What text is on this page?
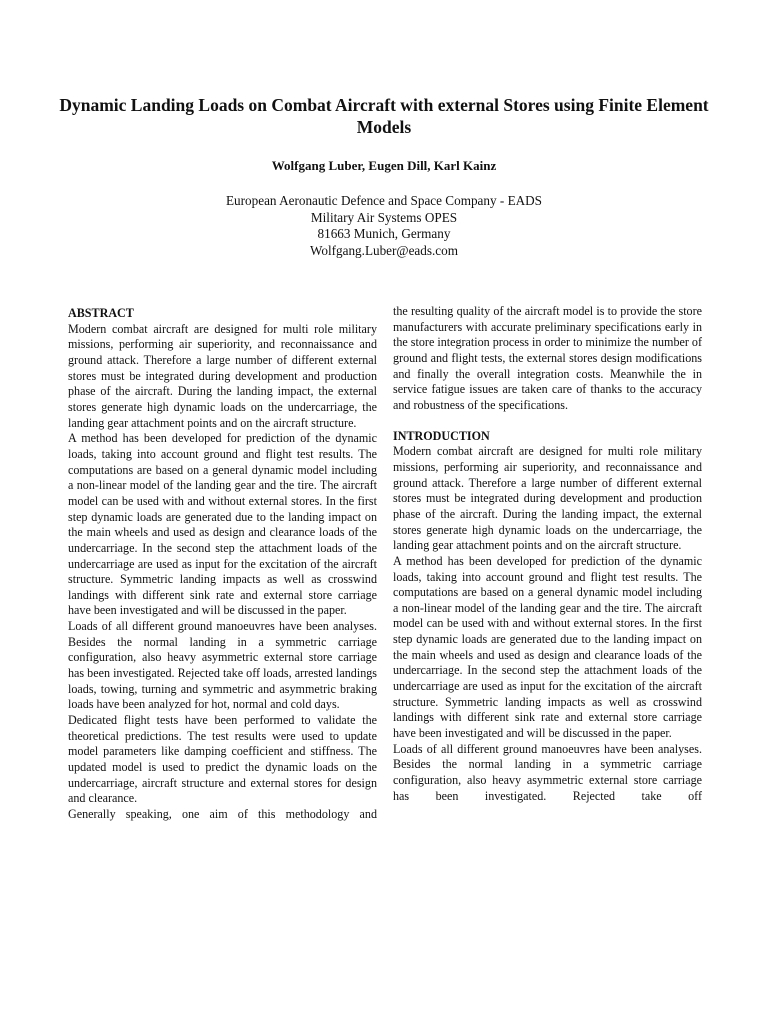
Dynamic Landing Loads on Combat Aircraft with external Stores using Finite Element Models
Wolfgang Luber, Eugen Dill, Karl Kainz
European Aeronautic Defence and Space Company - EADS
Military Air Systems OPES
81663 Munich, Germany
Wolfgang.Luber@eads.com
ABSTRACT

Modern combat aircraft are designed for multi role military missions, performing air superiority, and reconnaissance and ground attack. Therefore a large number of different external stores must be integrated during development and production phase of the aircraft. During the landing impact, the external stores generate high dynamic loads on the undercarriage, the landing gear attachment points and on the aircraft structure.

A method has been developed for prediction of the dynamic loads, taking into account ground and flight test results. The computations are based on a general dynamic model including a non-linear model of the landing gear and the tire. The aircraft model can be used with and without external stores. In the first step dynamic loads are generated due to the landing impact on the main wheels and used as design and clearance loads of the undercarriage. In the second step the attachment loads of the undercarriage are used as input for the excitation of the aircraft structure. Symmetric landing impacts as well as crosswind landings with different sink rate and external store carriage have been investigated and will be discussed in the paper.

Loads of all different ground manoeuvres have been analyses. Besides the normal landing in a symmetric carriage configuration, also heavy asymmetric external store carriage has been investigated. Rejected take off loads, arrested landings loads, towing, turning and symmetric and asymmetric braking loads have been analyzed for hot, normal and cold days.

Dedicated flight tests have been performed to validate the theoretical predictions. The test results were used to update model parameters like damping coefficient and stiffness. The updated model is used to predict the dynamic loads on the undercarriage, aircraft structure and external stores for design and clearance.

Generally speaking, one aim of this methodology and

the resulting quality of the aircraft model is to provide the store manufacturers with accurate preliminary specifications early in the store integration process in order to minimize the number of ground and flight tests, the external stores design modifications and finally the overall integration costs. Meanwhile the in service fatigue issues are taken care of thanks to the accuracy and robustness of the specifications.

INTRODUCTION

Modern combat aircraft are designed for multi role military missions, performing air superiority, and reconnaissance and ground attack. Therefore a large number of different external stores must be integrated during development and production phase of the aircraft. During the landing impact, the external stores generate high dynamic loads on the undercarriage, the landing gear attachment points and on the aircraft structure.

A method has been developed for prediction of the dynamic loads, taking into account ground and flight test results. The computations are based on a general dynamic model including a non-linear model of the landing gear and the tire. The aircraft model can be used with and without external stores. In the first step dynamic loads are generated due to the landing impact on the main wheels and used as design and clearance loads of the undercarriage. In the second step the attachment loads of the undercarriage are used as input for the excitation of the aircraft structure. Symmetric landing impacts as well as crosswind landings with different sink rate and external store carriage have been investigated and will be discussed in the paper.

Loads of all different ground manoeuvres have been analyses. Besides the normal landing in a symmetric carriage configuration, also heavy asymmetric external store carriage has been investigated. Rejected take off
